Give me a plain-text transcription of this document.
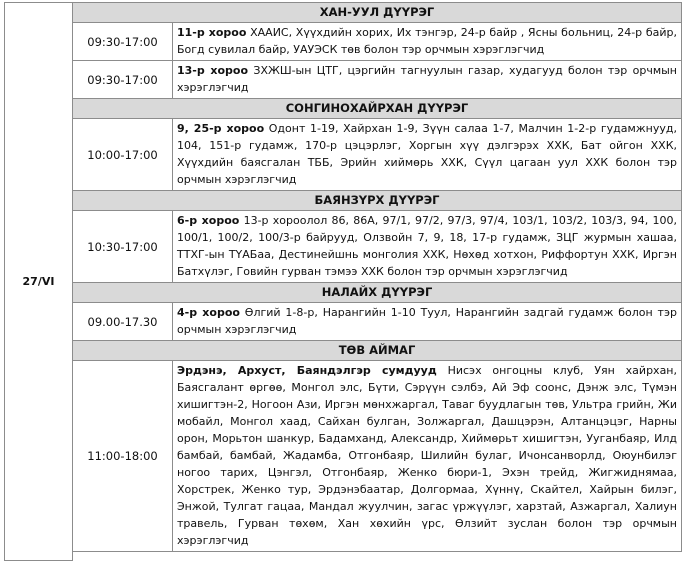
27/VI	ХАН-УУЛ ДҮҮРЭГ	
	09:30-17:00	11-р хороо ХААИС, Хүүхдийн хорих, Их тэнгэр, 24-р байр , Ясны больниц, 24-р байр, Богд сувилал байр, УАУЭСК төв болон тэр орчмын хэрэглэгчид
	09:30-17:00	13-р хороо ЗХЖШ-ын ЦТГ, цэргийн тагнуулын газар, худагууд болон тэр орчмын хэрэглэгчид
	СОНГИНОХАЙРХАН ДҮҮРЭГ	
	10:00-17:00	9, 25-р хороо Одонт 1-19, Хайрхан 1-9, Зүүн салаа 1-7, Малчин 1-2-р гудамжнууд, 104, 151-р гудамж, 170-р цэцэрлэг, Хоргын хүү дэлгэрэх ХХК, Бат ойгон ХХК, Хүүхдийн баясгалан ТББ, Эрийн хиймөрь ХХК, Сүүл цагаан уул ХХК болон тэр орчмын хэрэглэгчид
	БАЯНЗҮРХ ДҮҮРЭГ	
	10:30-17:00	6-р хороо 13-р хороолол 86, 86А, 97/1, 97/2, 97/3, 97/4, 103/1, 103/2, 103/3, 94, 100, 100/1, 100/2, 100/3-р байрууд, Олзвойн 7, 9, 18, 17-р гудамж, ЗЦГ журмын хашаа, ТТХГ-ын ТҮАБаа, Дестинейшнь монголия ХХК, Нөхөд хотхон, Риффортун ХХК, Иргэн Батхүлэг, Говийн гурван тэмээ ХХК болон тэр орчмын хэрэглэгчид
	НАЛАЙХ ДҮҮРЭГ	
	09.00-17.30	4-р хороо Өлгий 1-8-р, Нарангийн 1-10 Туул, Нарангийн задгай гудамж болон тэр орчмын хэрэглэгчид
	ТӨВ АЙМАГ	
	11:00-18:00	Эрдэнэ, Архуст, Баяндэлгэр сумдууд Нисэх онгоцны клуб, Уян хайрхан, Баясгалант өргөө, Монгол элс, Бүти, Сэрүүн сэлбэ, Ай Эф соонс, Дэнж элс, Түмэн хишигтэн-2, Ногоон Ази, Иргэн мөнхжаргал, Таваг буудлагын төв, Ультра грийн, Жи мобайл, Монгол хаад, Сайхан булган, Золжаргал, Дашцэрэн, Алтанцэцэг, Нарны орон, Морьтон шанкур, Бадамханд, Александр, Хиймөрьт хишигтэн, Ууганбаяр, Илд бамбай, бамбай, Жадамба, Отгонбаяр, Шилийн булаг, Ичонсанворлд, Оюунбилэг ногоо тарих, Цэнгэл, Отгонбаяр, Женко бюри-1, Эхэн трейд, Жигжиднямаа, Хорстрек, Женко тур, Эрдэнэбаатар, Долгормаа, Хүннү, Скайтел, Хайрын билэг, Энжой, Тулгат гацаа, Мандал жуулчин, загас үржүүлэг, харзтай, Азжаргал, Халиун травель, Гурван төхөм, Хан хөхийн үрс, Өлзийт зуслан болон тэр орчмын хэрэглэгчид
